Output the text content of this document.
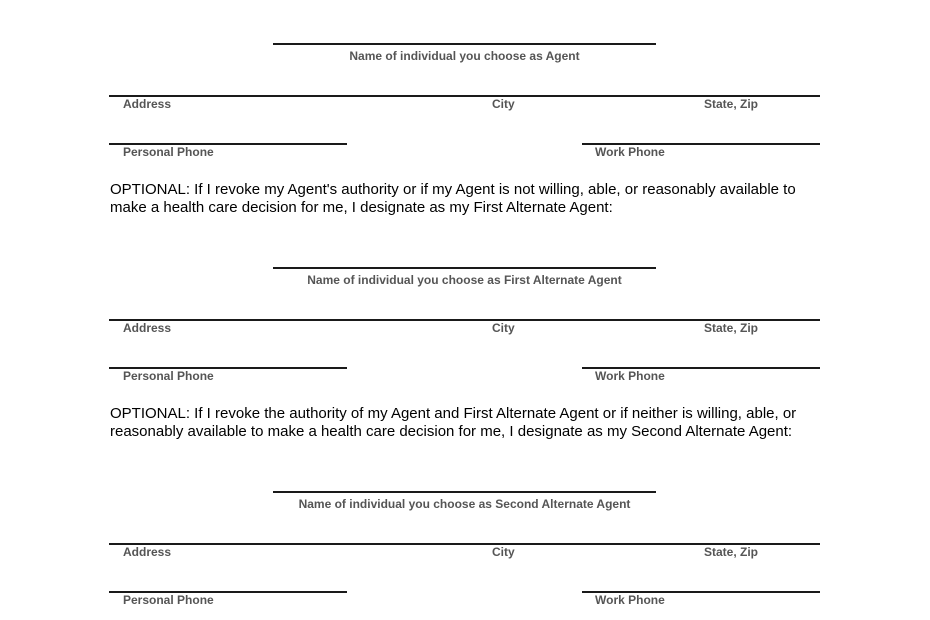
Name of individual you choose as Agent
Address	City	State, Zip
Personal Phone	Work Phone
OPTIONAL: If I revoke my Agent's authority or if my Agent is not willing, able, or reasonably available to make a health care decision for me, I designate as my First Alternate Agent:
Name of individual you choose as First Alternate Agent
Address	City	State, Zip
Personal Phone	Work Phone
OPTIONAL: If I revoke the authority of my Agent and First Alternate Agent or if neither is willing, able, or reasonably available to make a health care decision for me, I designate as my Second Alternate Agent:
Name of individual you choose as Second Alternate Agent
Address	City	State, Zip
Personal Phone	Work Phone
